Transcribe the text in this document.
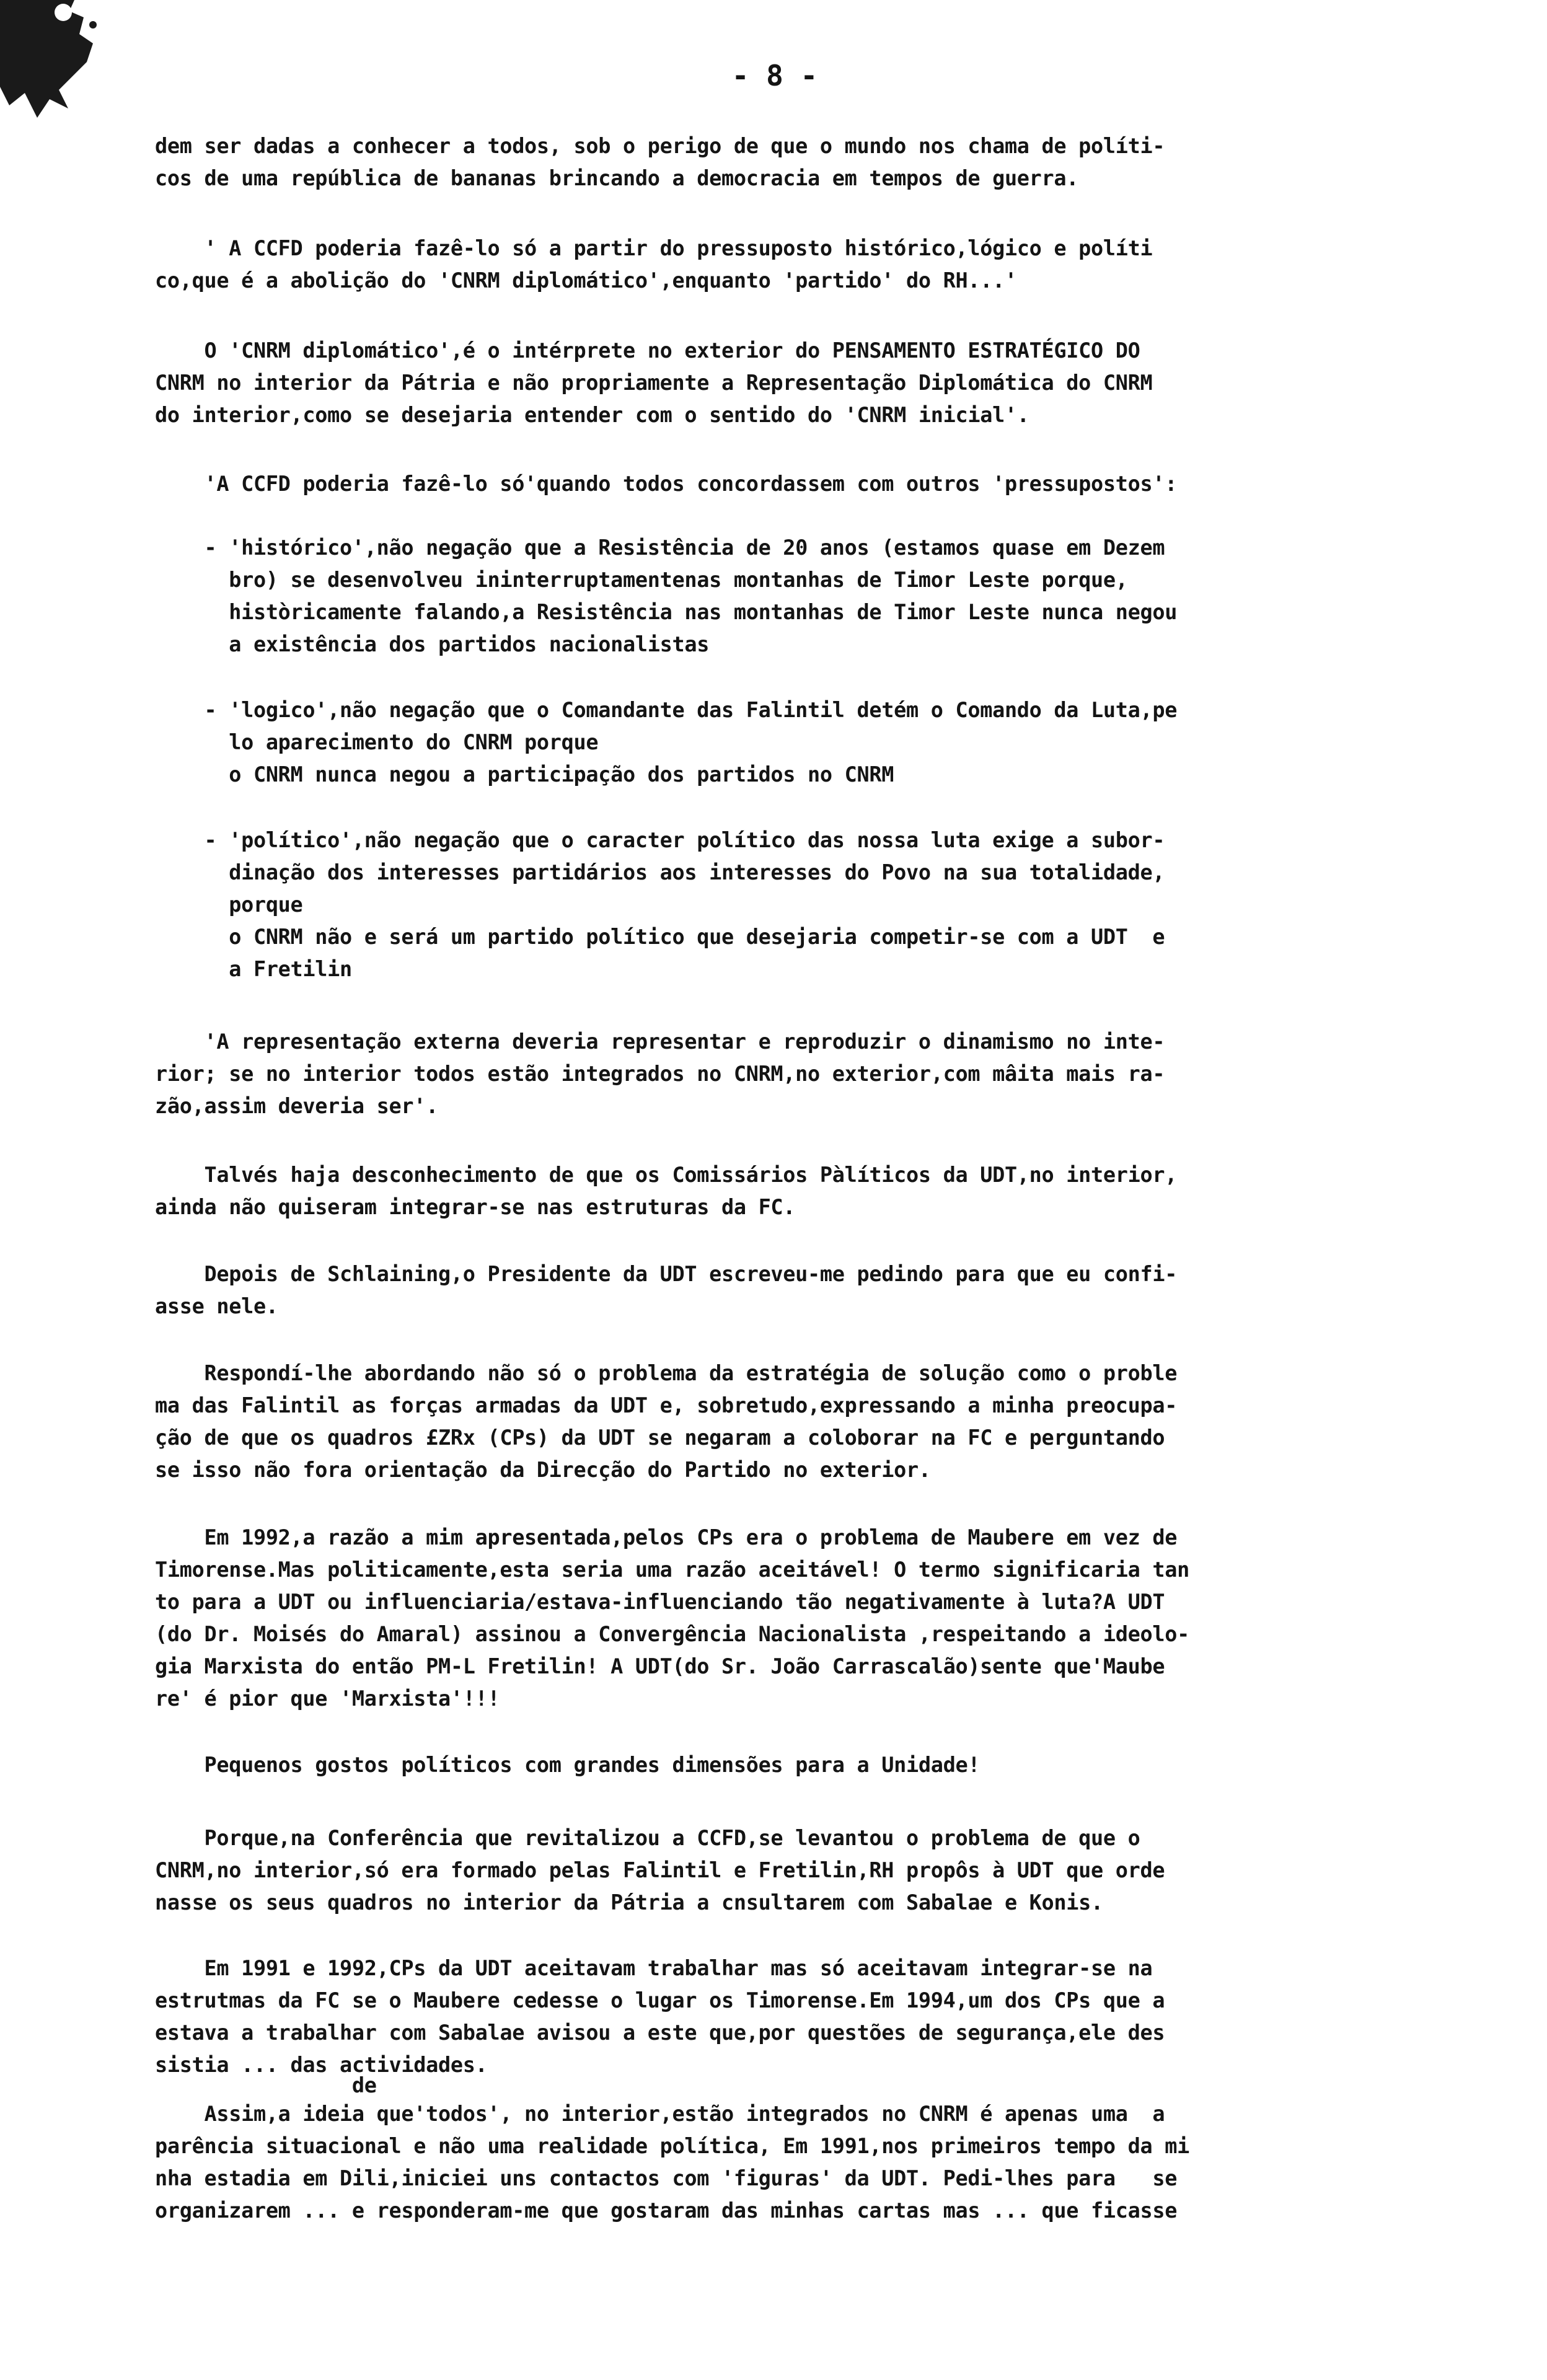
- 8 -
dem ser dadas a conhecer a todos, sob o perigo de que o mundo nos chama de políti-
cos de uma república de bananas brincando a democracia em tempos de guerra.
' A CCFD poderia fazê-lo só a partir do pressuposto histórico,lógico e políti
co,que é a abolição do 'CNRM diplomático',enquanto 'partido' do RH...'
O 'CNRM diplomático',é o intérprete no exterior do PENSAMENTO ESTRATÉGICO DO
CNRM no interior da Pátria e não propriamente a Representação Diplomática do CNRM
do interior,como se desejaria entender com o sentido do 'CNRM inicial'.
'A CCFD poderia fazê-lo só'quando todos concordassem com outros 'pressupostos':
- 'histórico',não negação que a Resistência de 20 anos (estamos quase em Dezem
bro) se desenvolveu ininterruptamentenas montanhas de Timor Leste porque,
històricamente falando,a Resistência nas montanhas de Timor Leste nunca negou
a existência dos partidos nacionalistas
- 'logico',não negação que o Comandante das Falintil detém o Comando da Luta,pe
lo aparecimento do CNRM porque
o CNRM nunca negou a participação dos partidos no CNRM
- 'político',não negação que o caracter político das nossa luta exige a subor-
dinação dos interesses partidários aos interesses do Povo na sua totalidade,
porque
o CNRM não e será um partido político que desejaria competir-se com a UDT  e
a Fretilin
'A representação externa deveria representar e reproduzir o dinamismo no inte-
rior; se no interior todos estão integrados no CNRM,no exterior,com mâita mais ra-
zão,assim deveria ser'.
Talvés haja desconhecimento de que os Comissários Pàlíticos da UDT,no interior,
ainda não quiseram integrar-se nas estruturas da FC.
Depois de Schlaining,o Presidente da UDT escreveu-me pedindo para que eu confi-
asse nele.
Respondí-lhe abordando não só o problema da estratégia de solução como o proble
ma das Falintil as forças armadas da UDT e, sobretudo,expressando a minha preocupa-
ção de que os quadros £ZRx (CPs) da UDT se negaram a coloborar na FC e perguntando
se isso não fora orientação da Direcção do Partido no exterior.
Em 1992,a razão a mim apresentada,pelos CPs era o problema de Maubere em vez de
Timorense.Mas politicamente,esta seria uma razão aceitável! O termo significaria tan
to para a UDT ou influenciaria/estava-influenciando tão negativamente à luta?A UDT
(do Dr. Moisés do Amaral) assinou a Convergência Nacionalista ,respeitando a ideolo-
gia Marxista do então PM-L Fretilin! A UDT(do Sr. João Carrascalão)sente que'Maube
re' é pior que 'Marxista'!!!
Pequenos gostos políticos com grandes dimensões para a Unidade!
Porque,na Conferência que revitalizou a CCFD,se levantou o problema de que o
CNRM,no interior,só era formado pelas Falintil e Fretilin,RH propôs à UDT que orde
nasse os seus quadros no interior da Pátria a cnsultarem com Sabalae e Konis.
Em 1991 e 1992,CPs da UDT aceitavam trabalhar mas só aceitavam integrar-se na
estrutmas da FC se o Maubere cedesse o lugar os Timorense.Em 1994,um dos CPs que a
estava a trabalhar com Sabalae avisou a este que,por questões de segurança,ele des
sistia ... das actividades.
de
Assim,a ideia que'todos', no interior,estão integrados no CNRM é apenas uma  a
parência situacional e não uma realidade política, Em 1991,nos primeiros tempo da mi
nha estadia em Dili,iniciei uns contactos com 'figuras' da UDT. Pedi-lhes para   se
organizarem ... e responderam-me que gostaram das minhas cartas mas ... que ficasse
